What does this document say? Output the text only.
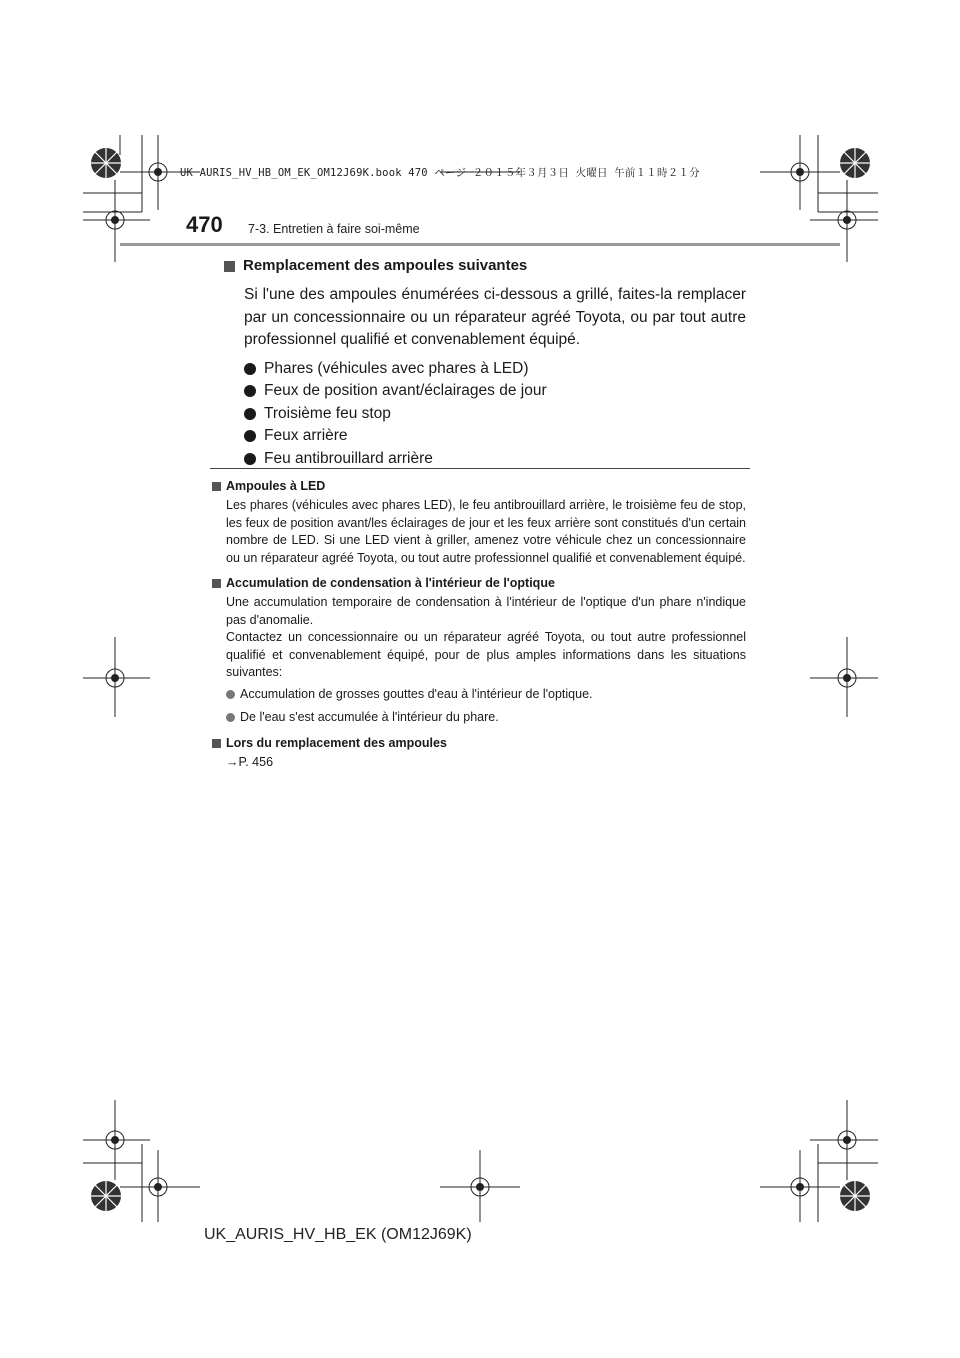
UK AURIS_HV_HB_OM_EK_OM12J69K.book 470 ページ ２０１５年３月３日 火曜日 午前１１時２１分
470 7-3. Entretien à faire soi-même
Remplacement des ampoules suivantes
Si l'une des ampoules énumérées ci-dessous a grillé, faites-la remplacer par un concessionnaire ou un réparateur agréé Toyota, ou par tout autre professionnel qualifié et convenablement équipé.
Phares (véhicules avec phares à LED)
Feux de position avant/éclairages de jour
Troisième feu stop
Feux arrière
Feu antibrouillard arrière
Ampoules à LED
Les phares (véhicules avec phares LED), le feu antibrouillard arrière, le troisième feu de stop, les feux de position avant/les éclairages de jour et les feux arrière sont constitués d'un certain nombre de LED. Si une LED vient à griller, amenez votre véhicule chez un concessionnaire ou un réparateur agréé Toyota, ou tout autre professionnel qualifié et convenablement équipé.
Accumulation de condensation à l'intérieur de l'optique
Une accumulation temporaire de condensation à l'intérieur de l'optique d'un phare n'indique pas d'anomalie.
Contactez un concessionnaire ou un réparateur agréé Toyota, ou tout autre professionnel qualifié et convenablement équipé, pour de plus amples informations dans les situations suivantes:
Accumulation de grosses gouttes d'eau à l'intérieur de l'optique.
De l'eau s'est accumulée à l'intérieur du phare.
Lors du remplacement des ampoules
→P. 456
UK_AURIS_HV_HB_EK (OM12J69K)
